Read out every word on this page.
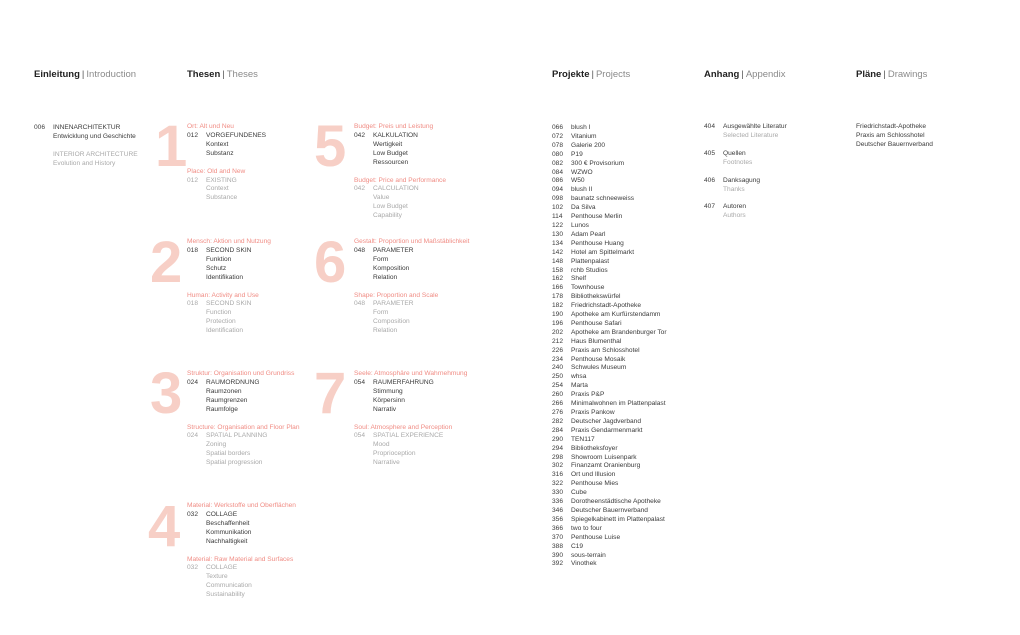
Einleitung | Introduction	Thesen | Theses	Projekte | Projects	Anhang | Appendix	Pläne | Drawings
006	INNENARCHITEKTUR
Entwicklung und Geschichte
INTERIOR ARCHITECTURE
Evolution and History 1
2
3
4
5
6
7
Ort: Alt und Neu
012	VORGEFUNDENES
Kontext
Substanz
Place: Old and New
012	EXISTING
Context
Substance
Mensch: Aktion und Nutzung
018	SECOND SKIN
Funktion
Schutz
Identifikation
Human: Activity and Use
018	SECOND SKIN
Function
Protection
Identification
Struktur: Organisation und Grundriss
024	RAUMORDNUNG
Raumzonen
Raumgrenzen
Raumfolge
Structure: Organisation and Floor Plan
024	SPATIAL PLANNING
Zoning
Spatial borders
Spatial progression
Material: Werkstoffe und Oberflächen
032	COLLAGE
Beschaffenheit
Kommunikation
Nachhaltigkeit
Material: Raw Material and Surfaces
032	COLLAGE
Texture
Communication
Sustainability
Budget: Preis und Leistung
042	KALKULATION
Wertigkeit
Low Budget
Ressourcen
Budget: Price and Performance
042	CALCULATION
Value
Low Budget
Capability
Gestalt: Proportion und Maßstäblichkeit
048	PARAMETER
Form
Komposition
Relation
Shape: Proportion and Scale
048	PARAMETER
Form
Composition
Relation
Seele: Atmosphäre und Wahrnehmung
054	RAUMERFAHRUNG
Stimmung
Körpersinn
Narrativ
Soul: Atmosphere and Perception
054	SPATIAL EXPERIENCE
Mood
Proprioception
Narrative
066	blush I
072	Vitanium
078	Galerie 200
080	P19
082	300 € Provisorium
084	WZWO
086	W50
094	blush II
098	baunatz schneeweiss
102	Da Silva
114	Penthouse Merlin
122	Lunos
130	Adam Pearl
134	Penthouse Huang
142	Hotel am Spittelmarkt
148	Plattenpalast
158	rchb Studios
162	Shelf
166	Townhouse
178	Bibliothekswürfel
182	Friedrichstadt-Apotheke
190	Apotheke am Kurfürstendamm
196	Penthouse Safari
202	Apotheke am Brandenburger Tor
212	Haus Blumenthal
226	Praxis am Schlosshotel
234	Penthouse Mosaik
240	Schwules Museum
250	whsa
254	Marta
260	Praxis P&P
266	Minimalwohnen im Plattenpalast
276	Praxis Pankow
282	Deutscher Jagdverband
284	Praxis Gendarmenmarkt
290	TEN117
294	Bibliotheksfoyer
298	Showroom Luisenpark
302	Finanzamt Oranienburg
316	Ort und Illusion
322	Penthouse Mies
330	Cube
336	Dorotheenstädtische Apotheke
346	Deutscher Bauernverband
356	Spiegelkabinett im Plattenpalast
366	two to four
370	Penthouse Luise
388	C19
390	sous-terrain
392	Vinothek
404	Ausgewählte Literatur
Selected Literature
405	Quellen
Footnotes
406	Danksagung
Thanks
407	Autoren
Authors
Friedrichstadt-Apotheke
Praxis am Schlosshotel
Deutscher Bauernverband
